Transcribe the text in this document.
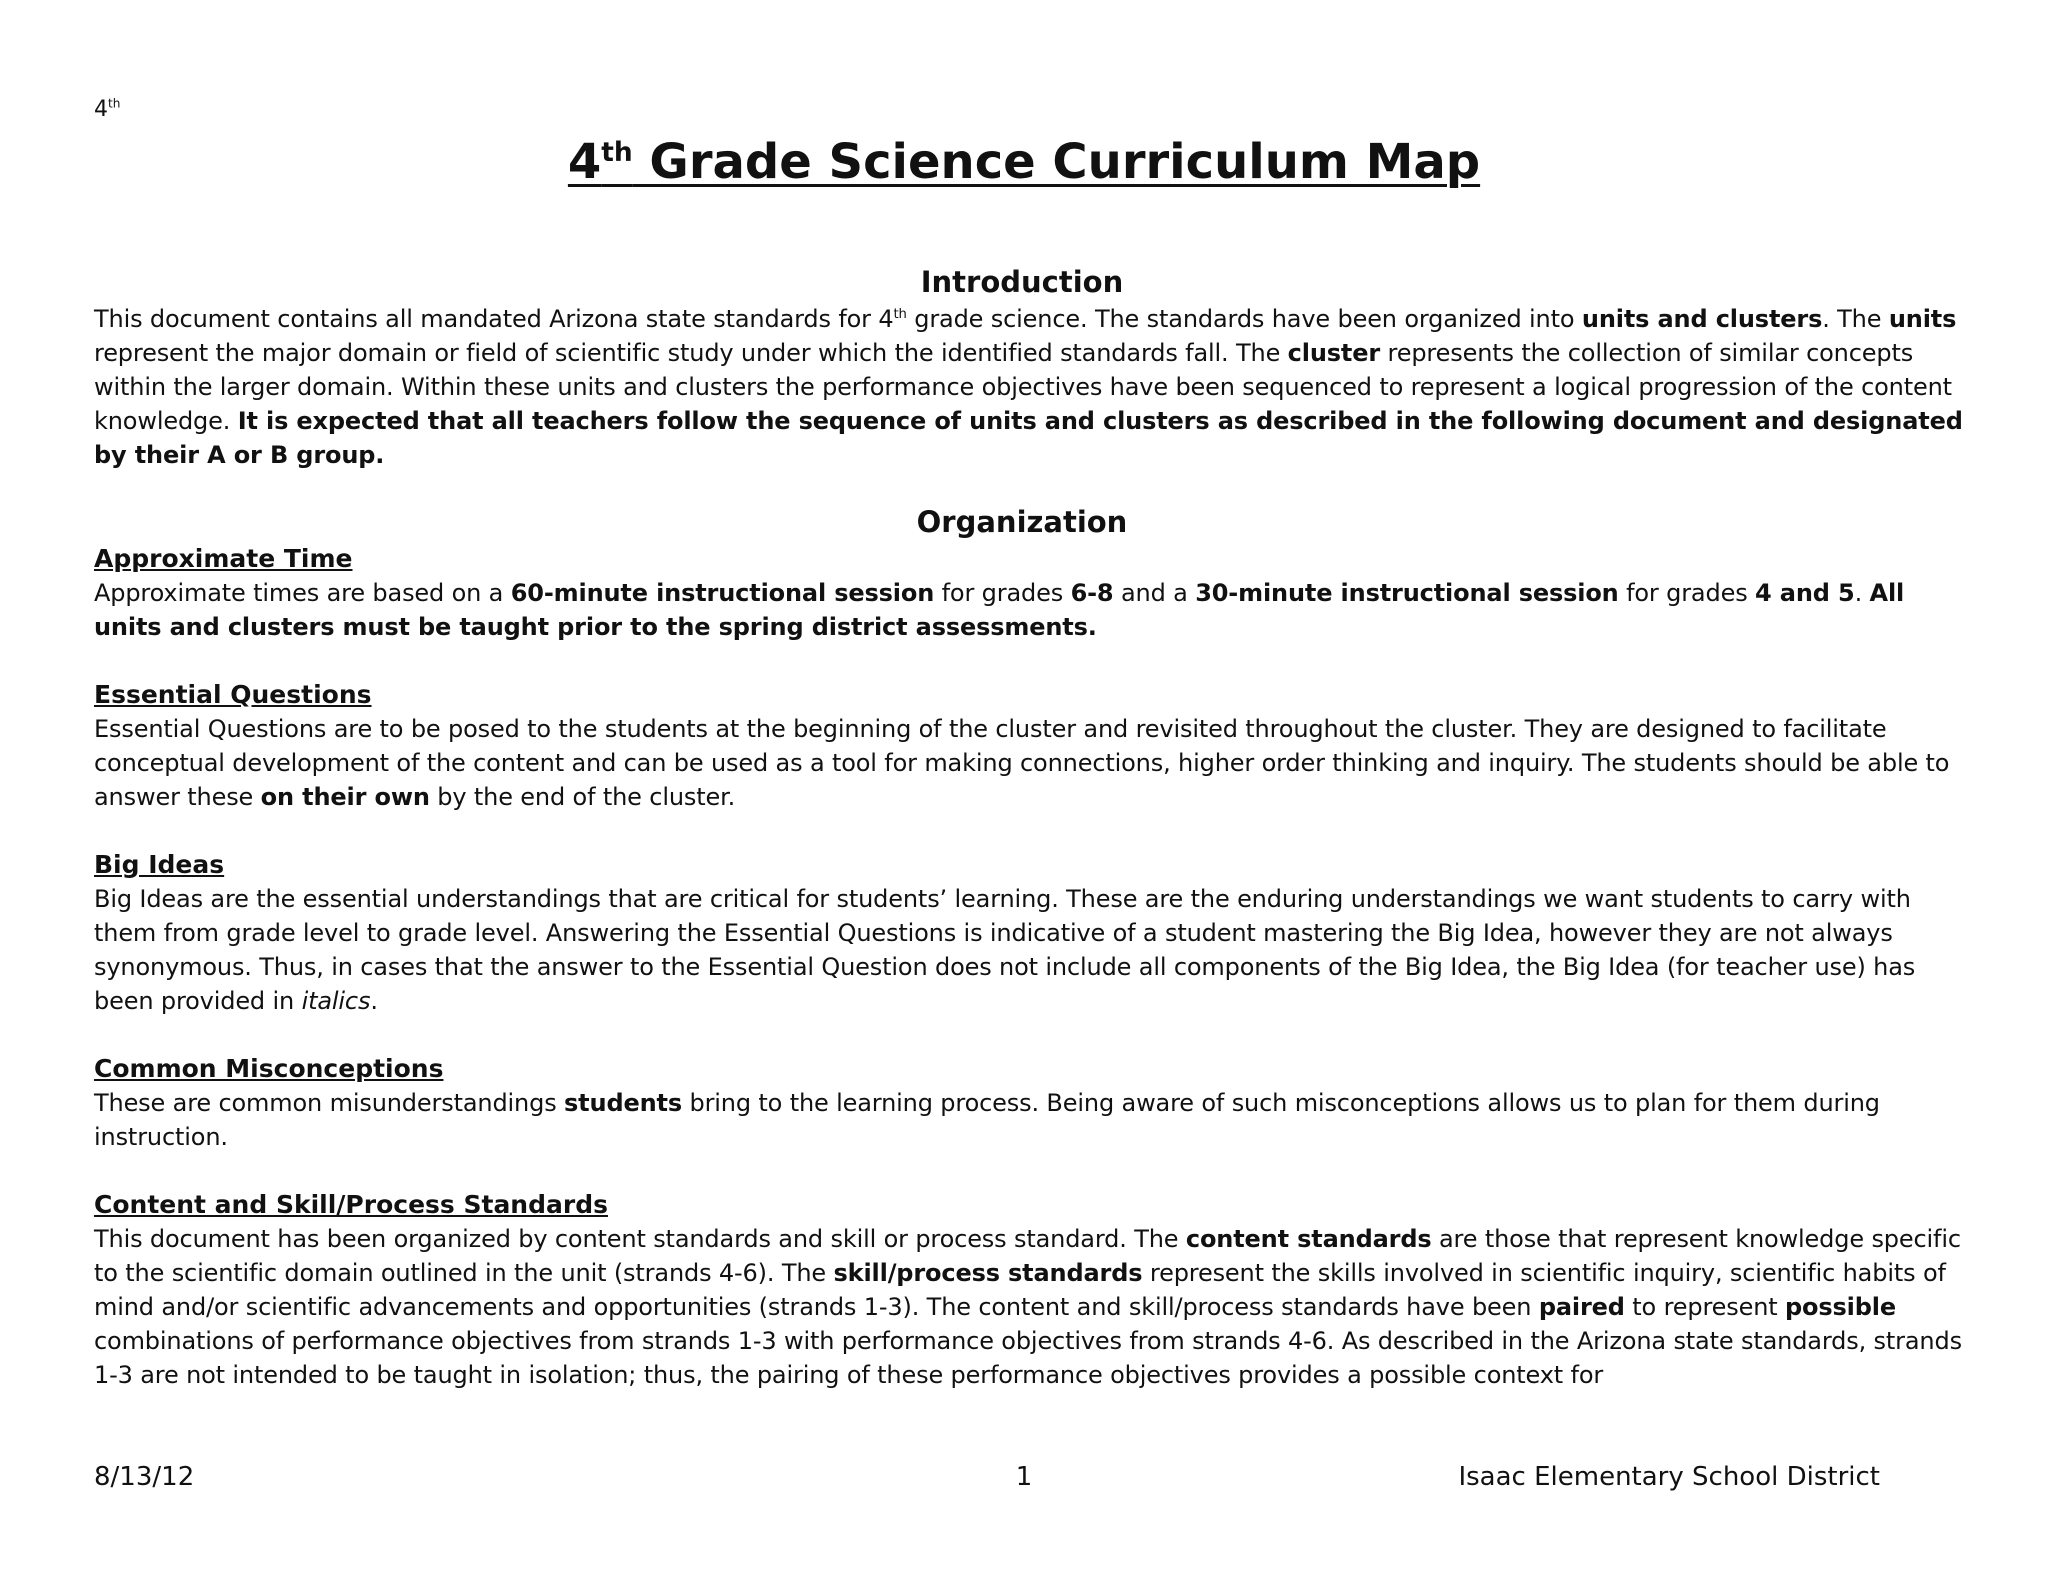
4th
4th Grade Science Curriculum Map
Introduction

This document contains all mandated Arizona state standards for 4th grade science. The standards have been organized into units and clusters. The units represent the major domain or field of scientific study under which the identified standards fall. The cluster represents the collection of similar concepts within the larger domain. Within these units and clusters the performance objectives have been sequenced to represent a logical progression of the content knowledge. It is expected that all teachers follow the sequence of units and clusters as described in the following document and designated by their A or B group.

Organization
Approximate Time

Approximate times are based on a 60-minute instructional session for grades 6-8 and a 30-minute instructional session for grades 4 and 5. All units and clusters must be taught prior to the spring district assessments.

Essential Questions

Essential Questions are to be posed to the students at the beginning of the cluster and revisited throughout the cluster. They are designed to facilitate conceptual development of the content and can be used as a tool for making connections, higher order thinking and inquiry. The students should be able to answer these on their own by the end of the cluster.

Big Ideas

Big Ideas are the essential understandings that are critical for students’ learning. These are the enduring understandings we want students to carry with them from grade level to grade level. Answering the Essential Questions is indicative of a student mastering the Big Idea, however they are not always synonymous. Thus, in cases that the answer to the Essential Question does not include all components of the Big Idea, the Big Idea (for teacher use) has been provided in italics.

Common Misconceptions

These are common misunderstandings students bring to the learning process. Being aware of such misconceptions allows us to plan for them during instruction.

Content and Skill/Process Standards

This document has been organized by content standards and skill or process standard. The content standards are those that represent knowledge specific to the scientific domain outlined in the unit (strands 4-6). The skill/process standards represent the skills involved in scientific inquiry, scientific habits of mind and/or scientific advancements and opportunities (strands 1-3). The content and skill/process standards have been paired to represent possible combinations of performance objectives from strands 1-3 with performance objectives from strands 4-6. As described in the Arizona state standards, strands 1-3 are not intended to be taught in isolation; thus, the pairing of these performance objectives provides a possible context for

8/13/12	1	Isaac Elementary School District
